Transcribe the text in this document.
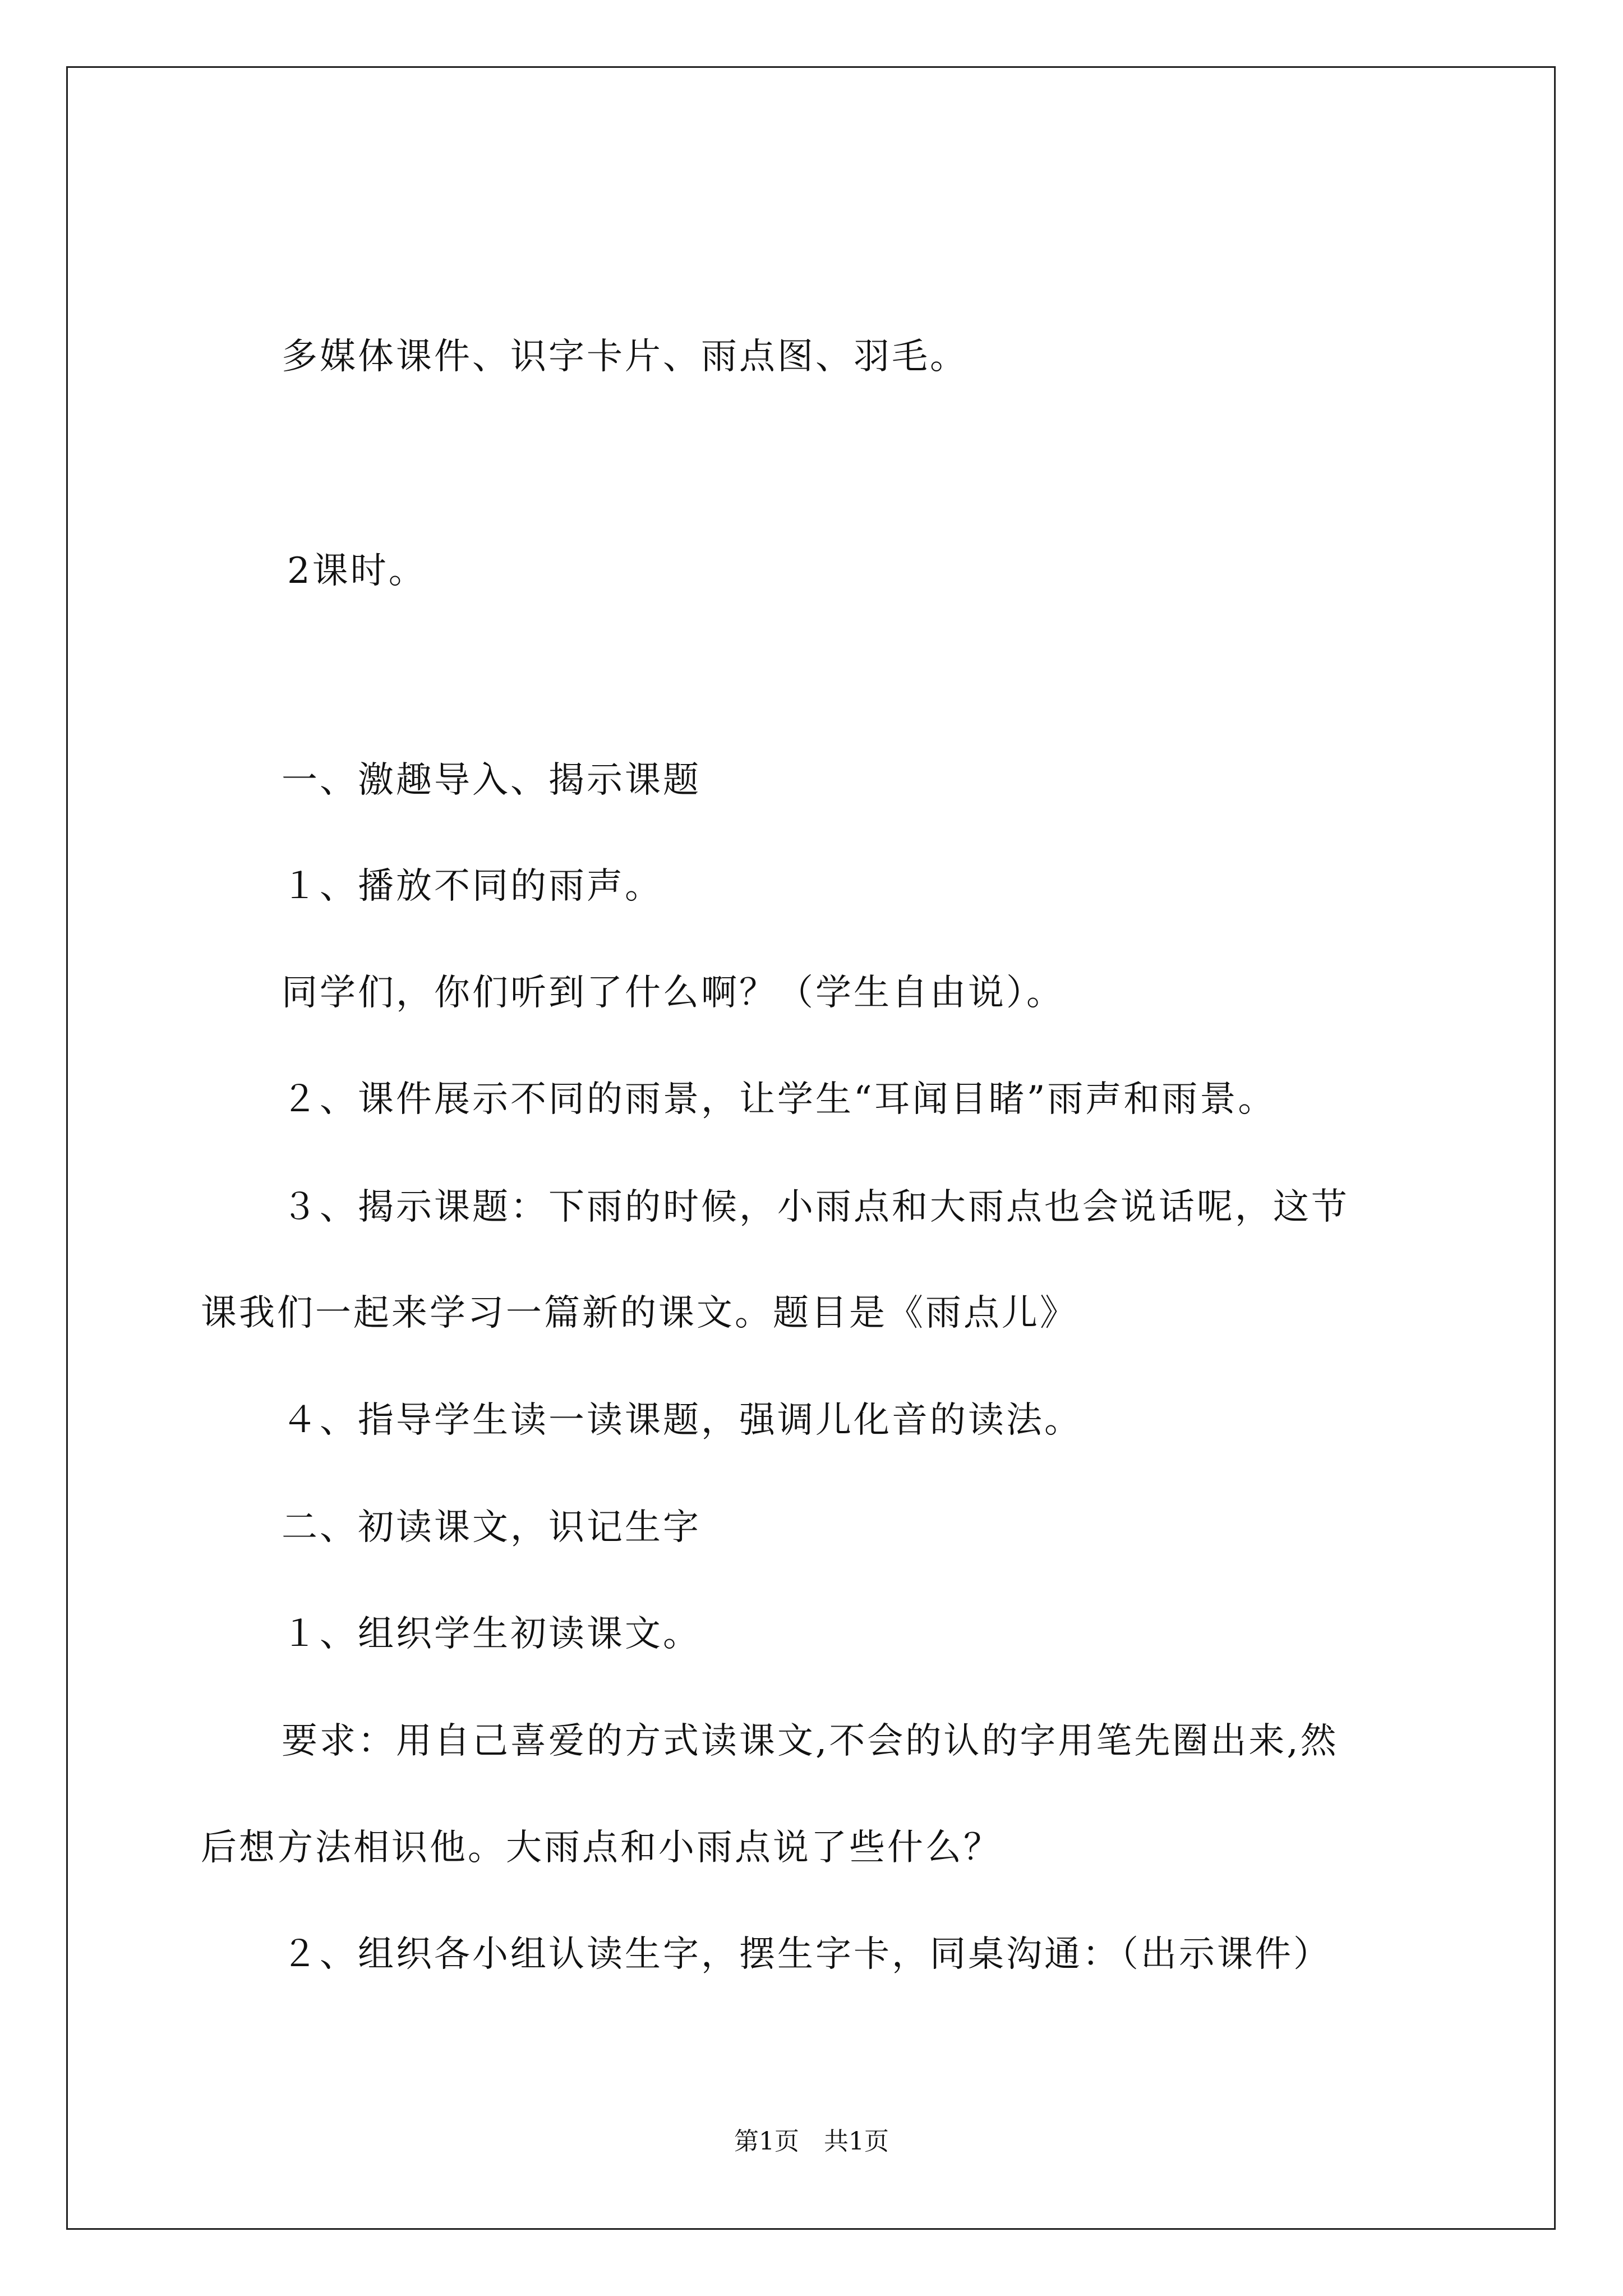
多媒体课件、识字卡片、雨点图、羽毛。
2课时。
一、激趣导入、揭示课题
１、播放不同的雨声。
同学们，你们听到了什么啊？（学生自由说）。
２、课件展示不同的雨景，让学生“耳闻目睹”雨声和雨景。
３、揭示课题：下雨的时候，小雨点和大雨点也会说话呢，这节
课我们一起来学习一篇新的课文。题目是《雨点儿》
４、指导学生读一读课题，强调儿化音的读法。
二、初读课文，识记生字
１、组织学生初读课文。
要求：用自己喜爱的方式读课文,不会的认的字用笔先圈出来,然
后想方法相识他。大雨点和小雨点说了些什么？
２、组织各小组认读生字，摆生字卡，同桌沟通：（出示课件）
第1页　共1页
